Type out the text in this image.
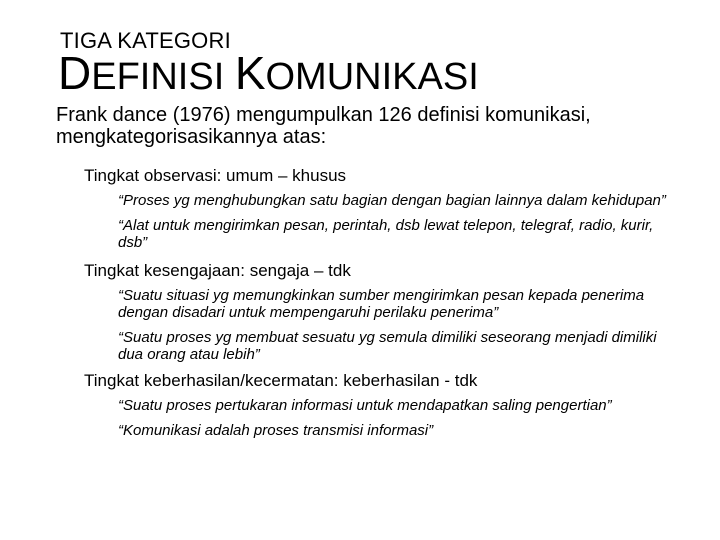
TIGA KATEGORI
DEFINISI KOMUNIKASI
Frank dance (1976) mengumpulkan 126 definisi komunikasi, mengkategorisasikannya atas:
Tingkat observasi: umum – khusus
“Proses yg menghubungkan satu bagian dengan bagian lainnya dalam kehidupan”
“Alat untuk mengirimkan pesan, perintah, dsb lewat telepon, telegraf, radio, kurir, dsb”
Tingkat kesengajaan: sengaja – tdk
“Suatu situasi yg memungkinkan sumber mengirimkan pesan kepada penerima dengan disadari untuk mempengaruhi perilaku penerima”
“Suatu proses yg membuat sesuatu yg semula dimiliki seseorang menjadi dimiliki dua orang atau lebih”
Tingkat keberhasilan/kecermatan: keberhasilan - tdk
“Suatu proses pertukaran informasi untuk mendapatkan saling pengertian”
“Komunikasi adalah proses transmisi informasi”
